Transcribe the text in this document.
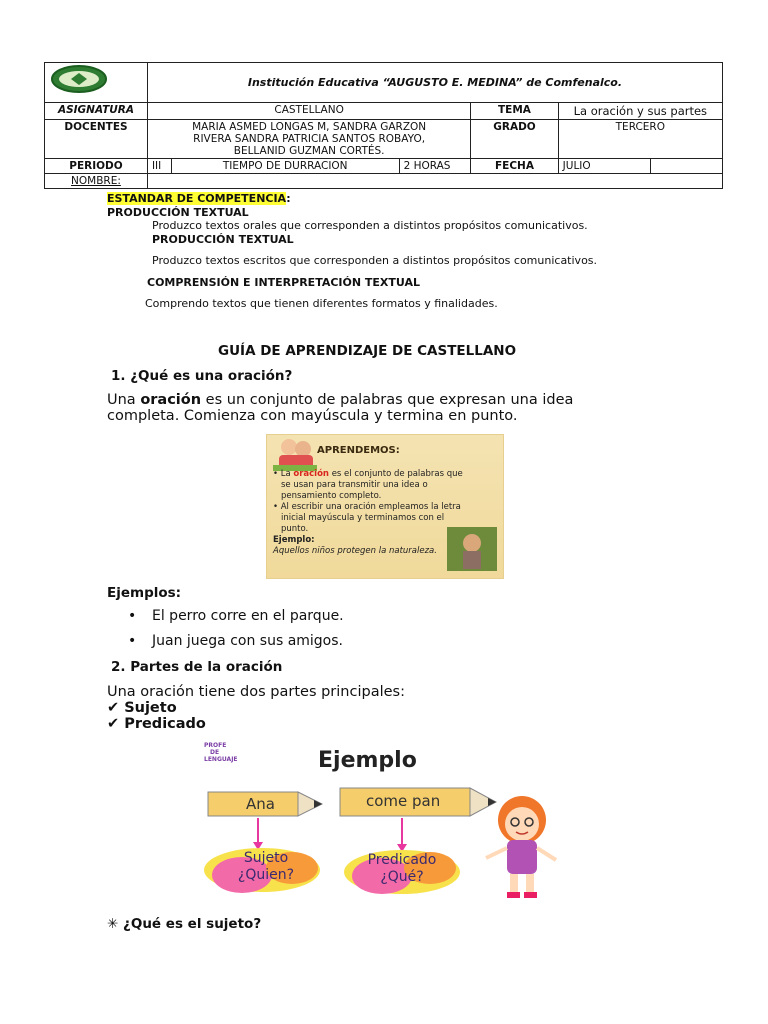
	Institución Educativa “AUGUSTO E. MEDINA” de Comfenalco.					
ASIGNATURA	CASTELLANO			TEMA	La oración y sus partes	
DOCENTES	MARIA ASMED LONGAS M, SANDRA GARZON
RIVERA SANDRA PATRICIA SANTOS ROBAYO,
BELLANID GUZMAN CORTÉS.			GRADO	TERCERO	
PERIODO	III	TIEMPO DE DURRACION	2 HORAS	FECHA	JULIO	
NOMBRE:						
ESTANDAR DE COMPETENCIA:
PRODUCCIÓN TEXTUAL
Produzco textos orales que corresponden a distintos propósitos comunicativos.
PRODUCCIÓN TEXTUAL
Produzco textos escritos que corresponden a distintos propósitos comunicativos.
COMPRENSIÓN E INTERPRETACIÓN TEXTUAL
Comprendo textos que tienen diferentes formatos y finalidades.
GUÍA DE APRENDIZAJE DE CASTELLANO
1. ¿Qué es una oración?
Una oración es un conjunto de palabras que expresan una idea
completa. Comienza con mayúscula y termina en punto.
APRENDEMOS:
• La oración es el conjunto de palabras que
se usan para transmitir una idea o
pensamiento completo.
• Al escribir una oración empleamos la letra
inicial mayúscula y terminamos con el
punto.
Ejemplo:
Aquellos niños protegen la naturaleza.
Ejemplos:
• El perro corre en el parque.
• Juan juega con sus amigos.
2. Partes de la oración
Una oración tiene dos partes principales:
✔ Sujeto
✔ Predicado
PROFE
DE
LENGUAJE	Ejemplo
Ana	come pan
Sujeto
¿Quien?
Predicado
¿Qué?
✳ ¿Qué es el sujeto?
